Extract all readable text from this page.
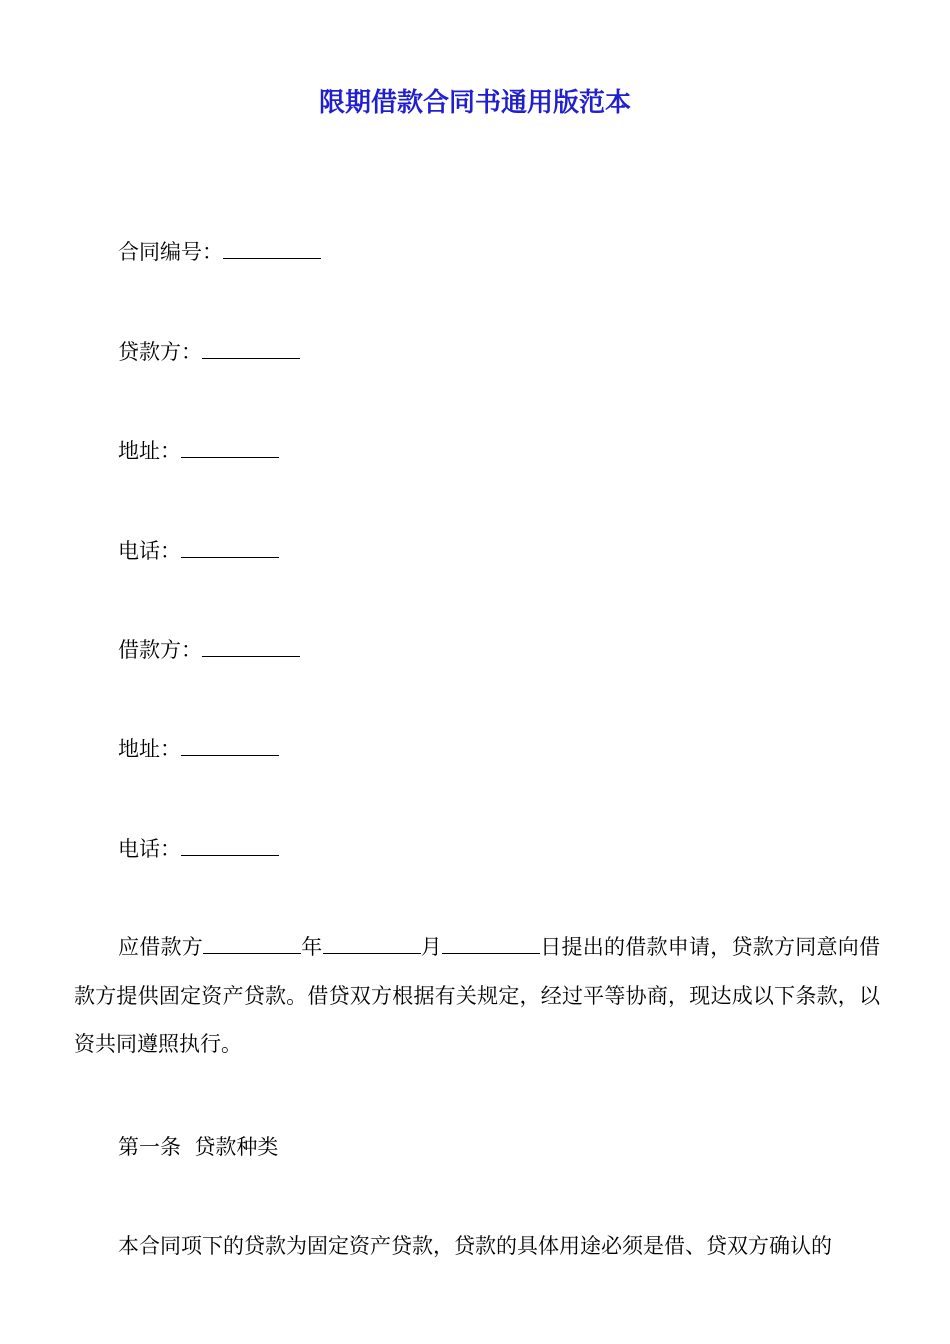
限期借款合同书通用版范本
合同编号：
贷款方：
地址：
电话：
借款方：
地址：
电话：
应借款方	年	月	日提出的借款申请，贷款方同意向借款方提供固定资产贷款。借贷双方根据有关规定，经过平等协商，现达成以下条款，以资共同遵照执行。
第一条  贷款种类
本合同项下的贷款为固定资产贷款，贷款的具体用途必须是借、贷双方确认的
